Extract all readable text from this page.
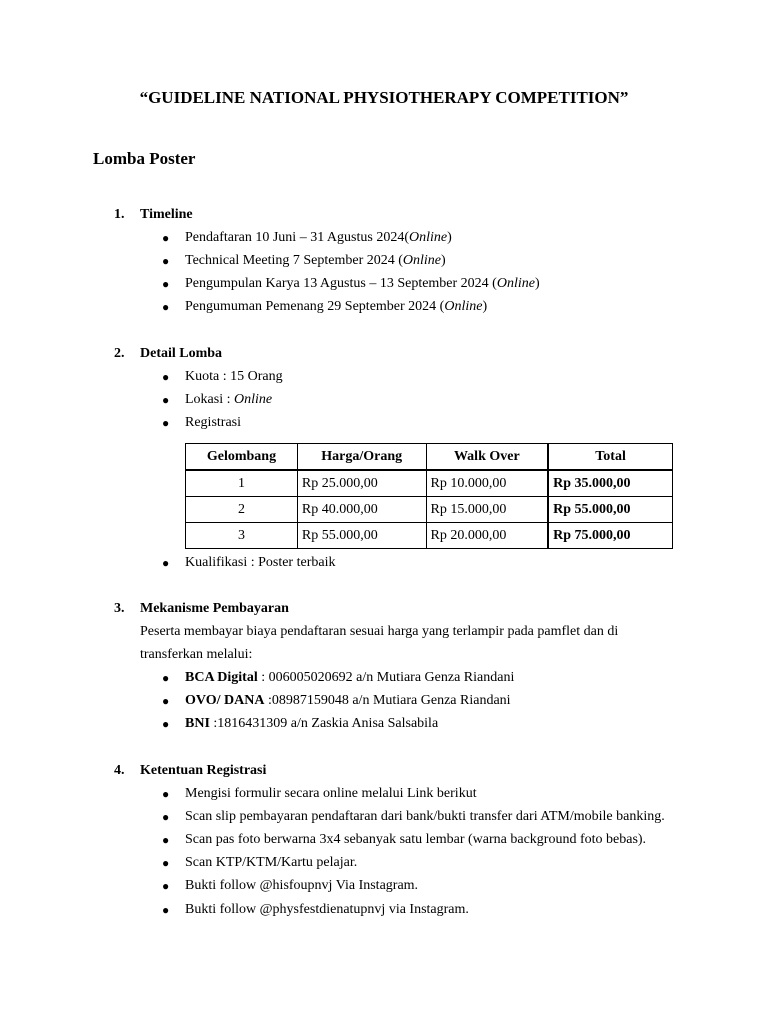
“GUIDELINE NATIONAL PHYSIOTHERAPY COMPETITION”
Lomba Poster
1. Timeline
● Pendaftaran 10 Juni – 31 Agustus 2024(Online)
● Technical Meeting 7 September 2024 (Online)
● Pengumpulan Karya 13 Agustus – 13 September 2024 (Online)
● Pengumuman Pemenang 29 September 2024 (Online)
2. Detail Lomba
● Kuota : 15 Orang
● Lokasi : Online
● Registrasi
Gelombang	Harga/Orang	Walk Over	Total
1	Rp 25.000,00	Rp 10.000,00	Rp 35.000,00
2	Rp 40.000,00	Rp 15.000,00	Rp 55.000,00
3	Rp 55.000,00	Rp 20.000,00	Rp 75.000,00
● Kualifikasi : Poster terbaik
3. Mekanisme Pembayaran
Peserta membayar biaya pendaftaran sesuai harga yang terlampir pada pamflet dan di
transferkan melalui:
● BCA Digital : 006005020692 a/n Mutiara Genza Riandani
● OVO/ DANA :08987159048 a/n Mutiara Genza Riandani
● BNI :1816431309 a/n Zaskia Anisa Salsabila
4. Ketentuan Registrasi
● Mengisi formulir secara online melalui Link berikut
● Scan slip pembayaran pendaftaran dari bank/bukti transfer dari ATM/mobile banking.
● Scan pas foto berwarna 3x4 sebanyak satu lembar (warna background foto bebas).
● Scan KTP/KTM/Kartu pelajar.
● Bukti follow @hisfoupnvj Via Instagram.
● Bukti follow @physfestdienatupnvj via Instagram.
